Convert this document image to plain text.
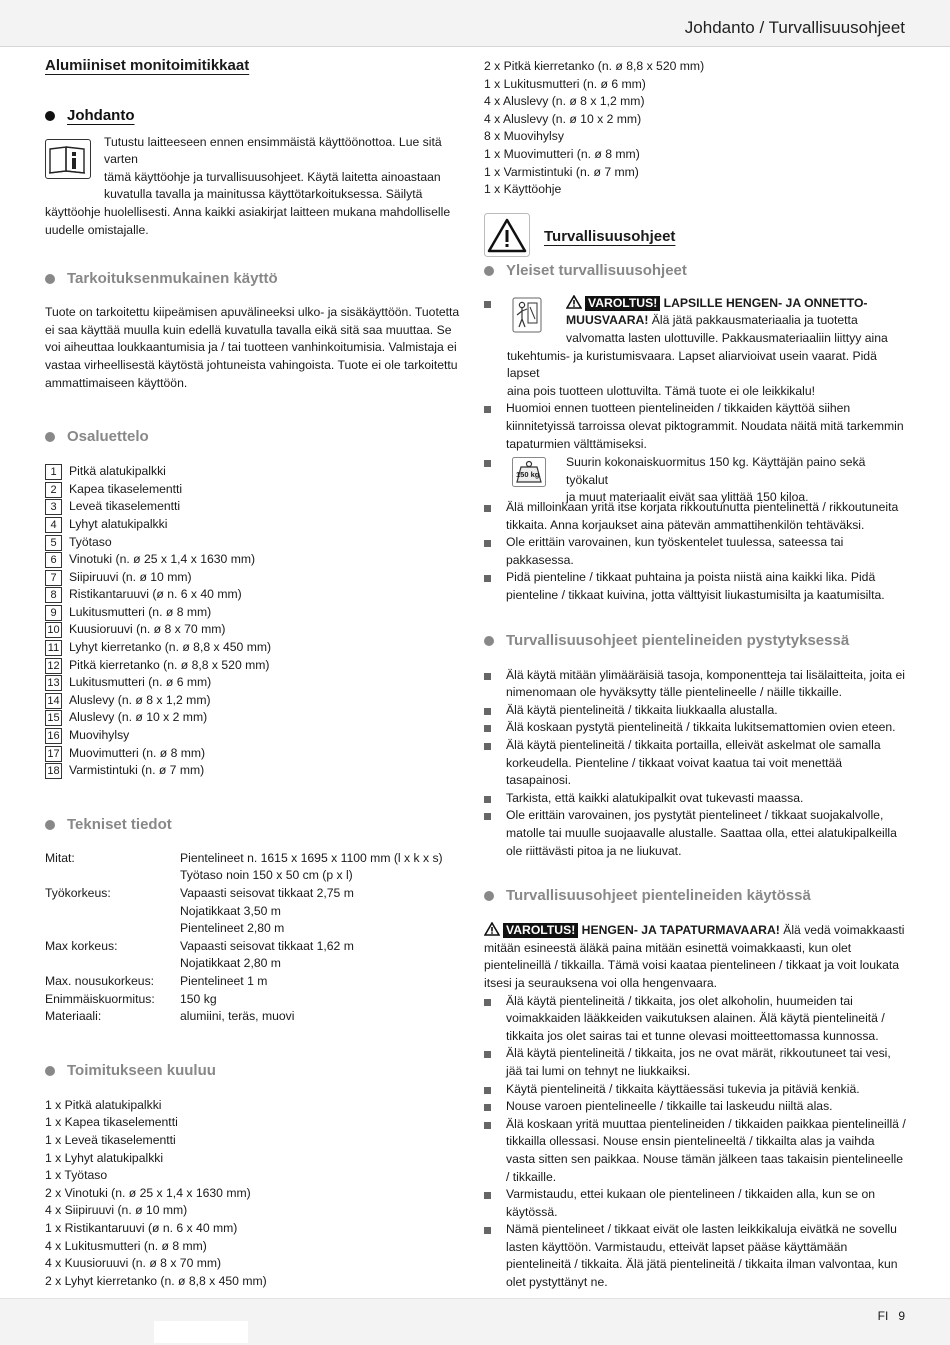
Johdanto / Turvallisuusohjeet
Alumiiniset monitoimitikkaat
Johdanto

Tutustu laitteeseen ennen ensimmäistä käyttöönottoa. Lue sitä varten

tämä käyttöohje ja turvallisuusohjeet. Käytä laitetta ainoastaan

kuvatulla tavalla ja mainitussa käyttötarkoituksessa. Säilytä

käyttöohje huolellisesti. Anna kaikki asiakirjat laitteen mukana mahdolliselle

uudelle omistajalle.

Tarkoituksenmukainen käyttö

Tuote on tarkoitettu kiipeämisen apuvälineeksi ulko- ja sisäkäyttöön. Tuotetta ei saa käyttää muulla kuin edellä kuvatulla tavalla eikä sitä saa muuttaa. Se voi aiheuttaa loukkaantumisia ja / tai tuotteen vanhinkoitumisia. Valmistaja ei vastaa virheellisestä käytöstä johtuneista vahingoista. Tuote ei ole tarkoitettu ammattimaiseen käyttöön.

Osaluettelo
1	Pitkä alatukipalkki
2	Kapea tikaselementti
3	Leveä tikaselementti
4	Lyhyt alatukipalkki
5	Työtaso
6	Vinotuki (n. ø 25 x 1,4 x 1630 mm)
7	Siipiruuvi (n. ø 10 mm)
8	Ristikantaruuvi (ø n. 6 x 40 mm)
9	Lukitusmutteri (n. ø 8 mm)
10 Kuusioruuvi (n. ø 8 x 70 mm)
11 Lyhyt kierretanko (n. ø 8,8 x 450 mm)
12 Pitkä kierretanko (n. ø 8,8 x 520 mm)
13 Lukitusmutteri (n. ø 6 mm)
14 Aluslevy (n. ø 8 x 1,2 mm)
15 Aluslevy (n. ø 10 x 2 mm)
16 Muovihylsy
17 Muovimutteri (n. ø 8 mm)
18 Varmistintuki (n. ø 7 mm)
Tekniset tiedot
Mitat:	Pientelineet n. 1615 x 1695 x 1100 mm (l x k x s)
Työtaso noin 150 x 50 cm (p x l)
Työkorkeus:	Vapaasti seisovat tikkaat 2,75 m
Nojatikkaat 3,50 m
Pientelineet 2,80 m
Max korkeus:	Vapaasti seisovat tikkaat 1,62 m
Nojatikkaat 2,80 m
Max. nousukorkeus:	Pientelineet 1 m
Enimmäiskuormitus:	150 kg
Materiaali:	alumiini, teräs, muovi
Toimitukseen kuuluu
1 x Pitkä alatukipalkki
1 x Kapea tikaselementti
1 x Leveä tikaselementti
1 x Lyhyt alatukipalkki
1 x Työtaso
2 x Vinotuki (n. ø 25 x 1,4 x 1630 mm)
4 x Siipiruuvi (n. ø 10 mm)
1 x Ristikantaruuvi (ø n. 6 x 40 mm)
4 x Lukitusmutteri (n. ø 8 mm)
4 x Kuusioruuvi (n. ø 8 x 70 mm)
2 x Lyhyt kierretanko (n. ø 8,8 x 450 mm)
2 x Pitkä kierretanko (n. ø 8,8 x 520 mm)
1 x Lukitusmutteri (n. ø 6 mm)
4 x Aluslevy (n. ø 8 x 1,2 mm)
4 x Aluslevy (n. ø 10 x 2 mm)
8 x Muovihylsy
1 x Muovimutteri (n. ø 8 mm)
1 x Varmistintuki (n. ø 7 mm)
1 x Käyttöohje
Turvallisuusohjeet
Yleiset turvallisuusohjeet

VAROLTUS! LAPSILLE HENGEN- JA ONNETTO-

MUUSVAARA! Älä jätä pakkausmateriaalia ja tuotetta

valvomatta lasten ulottuville. Pakkausmateriaaliin liittyy aina

tukehtumis- ja kuristumisvaara. Lapset aliarvioivat usein vaarat. Pidä lapset

aina pois tuotteen ulottuvilta. Tämä tuote ei ole leikkikalu!

Huomioi ennen tuotteen pientelineiden / tikkaiden käyttöä siihen kiinnitetyissä tarroissa olevat piktogrammit. Noudata näitä mitä tarkemmin tapaturmien välttämiseksi.
150 kg

Suurin kokonaiskuormitus 150 kg. Käyttäjän paino sekä työkalut

ja muut materiaalit eivät saa ylittää 150 kiloa.

Älä milloinkaan yritä itse korjata rikkoutunutta pientelinettä / rikkoutuneita tikkaita. Anna korjaukset aina pätevän ammattihenkilön tehtäväksi.
Ole erittäin varovainen, kun työskentelet tuulessa, sateessa tai pakkasessa.
Pidä pienteline / tikkaat puhtaina ja poista niistä aina kaikki lika. Pidä pienteline / tikkaat kuivina, jotta välttyisit liukastumisilta ja kaatumisilta.
Turvallisuusohjeet pientelineiden pystytyksessä
Älä käytä mitään ylimääräisiä tasoja, komponentteja tai lisälaitteita, joita ei nimenomaan ole hyväksytty tälle pientelineelle / näille tikkaille.
Älä käytä pientelineitä / tikkaita liukkaalla alustalla.
Älä koskaan pystytä pientelineitä / tikkaita lukitsemattomien ovien eteen.
Älä käytä pientelineitä / tikkaita portailla, elleivät askelmat ole samalla korkeudella. Pienteline / tikkaat voivat kaatua tai voit menettää tasapainosi.
Tarkista, että kaikki alatukipalkit ovat tukevasti maassa.
Ole erittäin varovainen, jos pystytät pientelineet / tikkaat suojakalvolle, matolle tai muulle suojaavalle alustalle. Saattaa olla, ettei alatukipalkeilla ole riittävästi pitoa ja ne liukuvat.
Turvallisuusohjeet pientelineiden käytössä

VAROLTUS! HENGEN- JA TAPATURMAVAARA! Älä vedä voimakkaasti mitään esineestä äläkä paina mitään esinettä voimakkaasti, kun olet pientelineillä / tikkailla. Tämä voisi kaataa pientelineen / tikkaat ja voit loukata itsesi ja seurauksena voi olla hengenvaara.

Älä käytä pientelineitä / tikkaita, jos olet alkoholin, huumeiden tai voimakkaiden lääkkeiden vaikutuksen alainen. Älä käytä pientelineitä / tikkaita jos olet sairas tai et tunne olevasi moitteettomassa kunnossa.
Älä käytä pientelineitä / tikkaita, jos ne ovat märät, rikkoutuneet tai vesi, jää tai lumi on tehnyt ne liukkaiksi.
Käytä pientelineitä / tikkaita käyttäessäsi tukevia ja pitäviä kenkiä.
Nouse varoen pientelineelle / tikkaille tai laskeudu niiltä alas.
Älä koskaan yritä muuttaa pientelineiden / tikkaiden paikkaa pientelineillä / tikkailla ollessasi. Nouse ensin pientelineeltä / tikkailta alas ja vaihda vasta sitten sen paikkaa. Nouse tämän jälkeen taas takaisin pientelineelle / tikkaille.
Varmistaudu, ettei kukaan ole pientelineen / tikkaiden alla, kun se on käytössä.
Nämä pientelineet / tikkaat eivät ole lasten leikkikaluja eivätkä ne sovellu lasten käyttöön. Varmistaudu, etteivät lapset pääse käyttämään pientelineitä / tikkaita. Älä jätä pientelineitä / tikkaita ilman valvontaa, kun olet pystyttänyt ne.
FI 9
